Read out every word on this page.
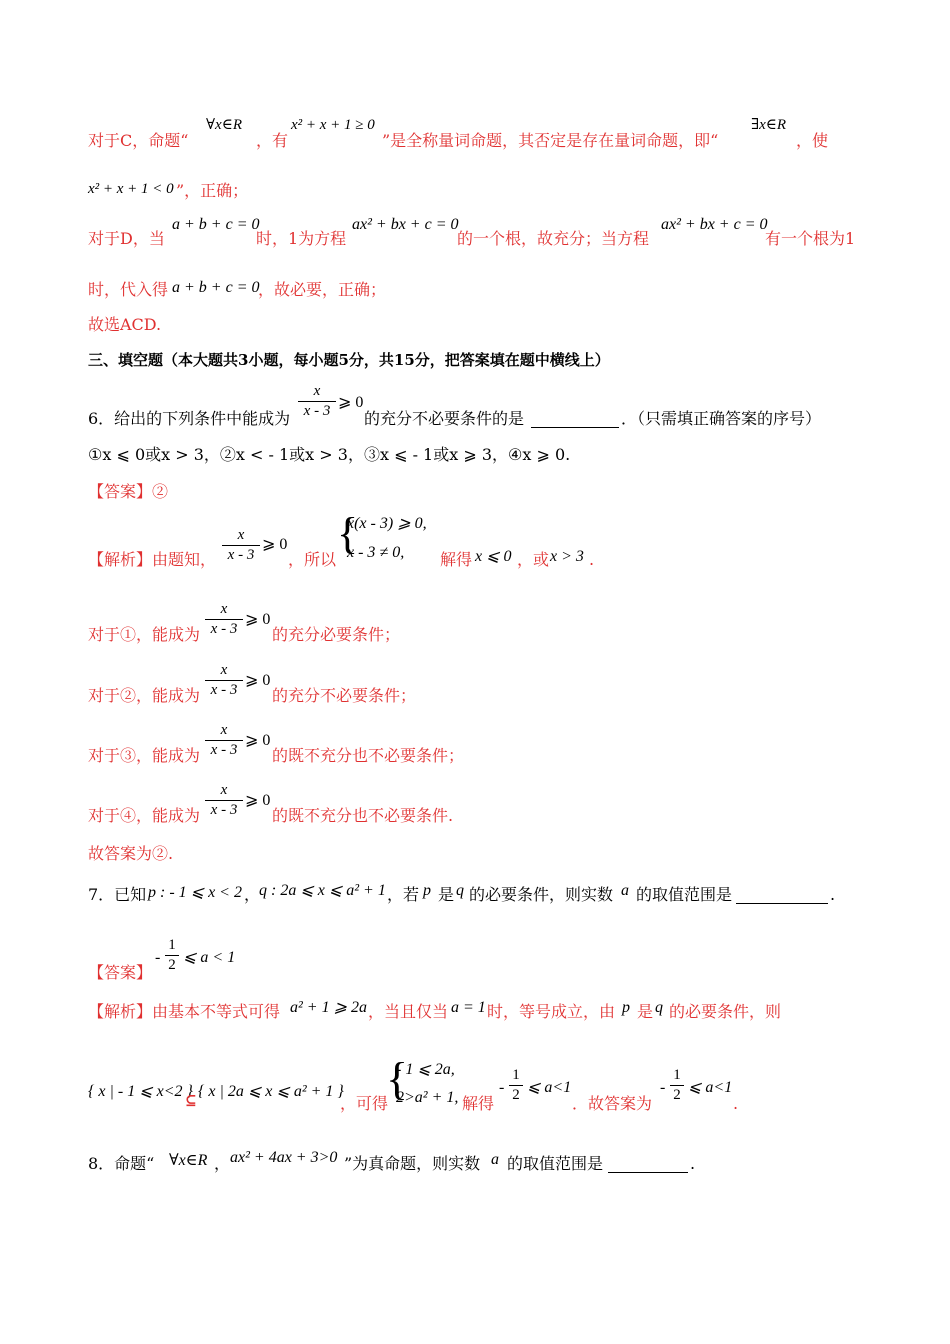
对于C，命题“
∀x∈R
，有
x² + x + 1 ≥ 0
”是全称量词命题，其否定是存在量词命题，即“
∃x∈R
，使
x² + x + 1 < 0 ”，正确；
对于D，当
a + b + c = 0
时，1为方程
ax² + bx + c = 0
的一个根，故充分；当方程
ax² + bx + c = 0
有一个根为1
时，代入得 a + b + c = 0
，故必要，正确；
故选ACD.
三、填空题（本大题共3小题，每小题5分，共15分，把答案填在题中横线上）
6．给出的下列条件中能成为
x
x - 3 ⩾ 0
的充分不必要条件的是	．（只需填正确答案的序号）
①x ⩽ 0或x > 3，②x < - 1或x > 3，③x ⩽ - 1或x ⩾ 3，④x ⩾ 0.
【答案】②
【解析】 由题知，
x
x - 3
⩾ 0
，所以
{
x(x - 3) ⩾ 0,
x - 3 ≠ 0, 解得 x ⩽ 0 ，或 x > 3 .
对于①，能成为
x
x - 3
⩾ 0
的充分必要条件；
对于②，能成为
x
x - 3
⩾ 0
的充分不必要条件；
对于③，能成为
x
x - 3
⩾ 0
的既不充分也不必要条件；
对于④，能成为
x
x - 3
⩾ 0
的既不充分也不必要条件.
故答案为②.
7．已知 p : - 1 ⩽ x < 2 ，
q : 2a ⩽ x ⩽ a² + 1 ，若 p 是 q 的必要条件，则实数 a 的取值范围是	.
【答案】
-
1
2 ⩽ a < 1
【解析】 由基本不等式可得 a² + 1 ⩾ 2a ，当且仅当 a = 1 时，等号成立，由 p 是 q 的必要条件，则
{ x | - 1 ⩽ x<2 }
⊆
{ x | 2a ⩽ x ⩽ a² + 1 }
，可得
{
- 1 ⩽ 2a,
2>a² + 1, 解得
-
1
2 ⩽ a<1
．故答案为
-
1
2 ⩽ a<1
.
8．命题“ ∀x∈R ， ax² + 4ax + 3>0 ”为真命题，则实数 a 的取值范围是	.
